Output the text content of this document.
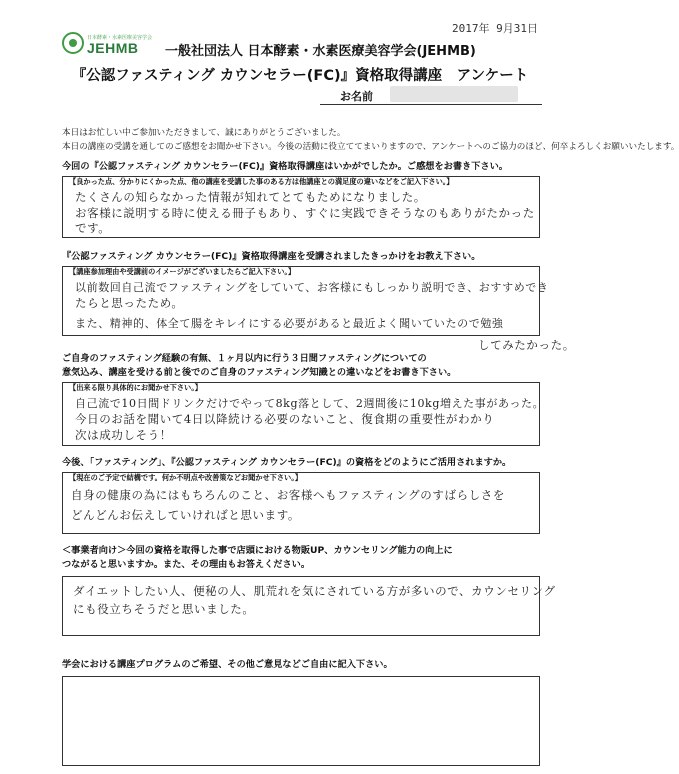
2017年 9月31日
日本酵素・水素医療美容学会
JEHMB 一般社団法人 日本酵素・水素医療美容学会(JEHMB)
『公認ファスティング カウンセラー(FC)』資格取得講座　アンケート
お名前
本日はお忙しい中ご参加いただきまして、誠にありがとうございました。
本日の講座の受講を通してのご感想をお聞かせ下さい。今後の活動に役立ててまいりますので、アンケートへのご協力のほど、何卒よろしくお願いいたします。
今回の『公認ファスティング カウンセラー(FC)』資格取得講座はいかがでしたか。ご感想をお書き下さい。
【良かった点、分かりにくかった点、他の講座を受講した事のある方は他講座との満足度の違いなどをご記入下さい。】
たくさんの知らなかった情報が知れてとてもためになりました。
お客様に説明する時に使える冊子もあり、すぐに実践できそうなのもありがたかった
です。
『公認ファスティング カウンセラー(FC)』資格取得講座を受講されましたきっかけをお教え下さい。
【講座参加理由や受講前のイメージがございましたらご記入下さい。】
以前数回自己流でファスティングをしていて、お客様にもしっかり説明でき、おすすめでき
たらと思ったため。
また、精神的、体全て腸をキレイにする必要があると最近よく聞いていたので勉強
してみたかった。
ご自身のファスティング経験の有無、１ヶ月以内に行う３日間ファスティングについての
意気込み、講座を受ける前と後でのご自身のファスティング知識との違いなどをお書き下さい。
【出来る限り具体的にお聞かせ下さい。】
自己流で10日間ドリンクだけでやって8kg落として、2週間後に10kg増えた事があった。
今日のお話を聞いて4日以降続ける必要のないこと、復食期の重要性がわかり
次は成功しそう！
今後、「ファスティング」、『公認ファスティング カウンセラー(FC)』の資格をどのようにご活用されますか。
【現在のご予定で結構です。何か不明点や改善策などお聞かせ下さい。】
自身の健康の為にはもちろんのこと、お客様へもファスティングのすばらしさを
どんどんお伝えしていければと思います。
＜事業者向け＞今回の資格を取得した事で店頭における物販UP、カウンセリング能力の向上に
つながると思いますか。また、その理由もお答えください。
ダイエットしたい人、便秘の人、肌荒れを気にされている方が多いので、カウンセリング
にも役立ちそうだと思いました。
学会における講座プログラムのご希望、その他ご意見などご自由に記入下さい。
